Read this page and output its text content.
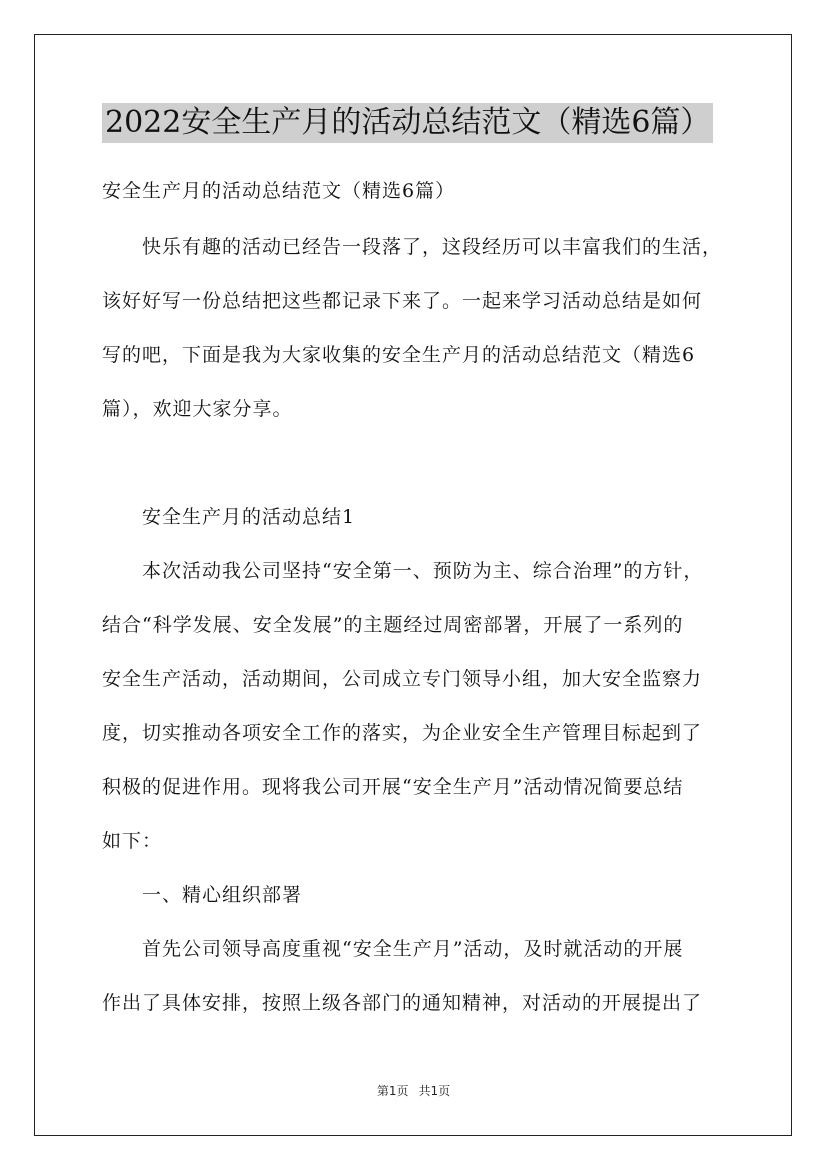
2022安全生产月的活动总结范文（精选6篇）
安全生产月的活动总结范文（精选6篇）
快乐有趣的活动已经告一段落了，这段经历可以丰富我们的生活，
该好好写一份总结把这些都记录下来了。一起来学习活动总结是如何
写的吧，下面是我为大家收集的安全生产月的活动总结范文（精选6
篇），欢迎大家分享。
安全生产月的活动总结1
本次活动我公司坚持“安全第一、预防为主、综合治理”的方针，
结合“科学发展、安全发展”的主题经过周密部署，开展了一系列的
安全生产活动，活动期间，公司成立专门领导小组，加大安全监察力
度，切实推动各项安全工作的落实，为企业安全生产管理目标起到了
积极的促进作用。现将我公司开展“安全生产月”活动情况简要总结
如下：
一、精心组织部署
首先公司领导高度重视“安全生产月”活动，及时就活动的开展
作出了具体安排，按照上级各部门的通知精神，对活动的开展提出了
第1页 共1页
